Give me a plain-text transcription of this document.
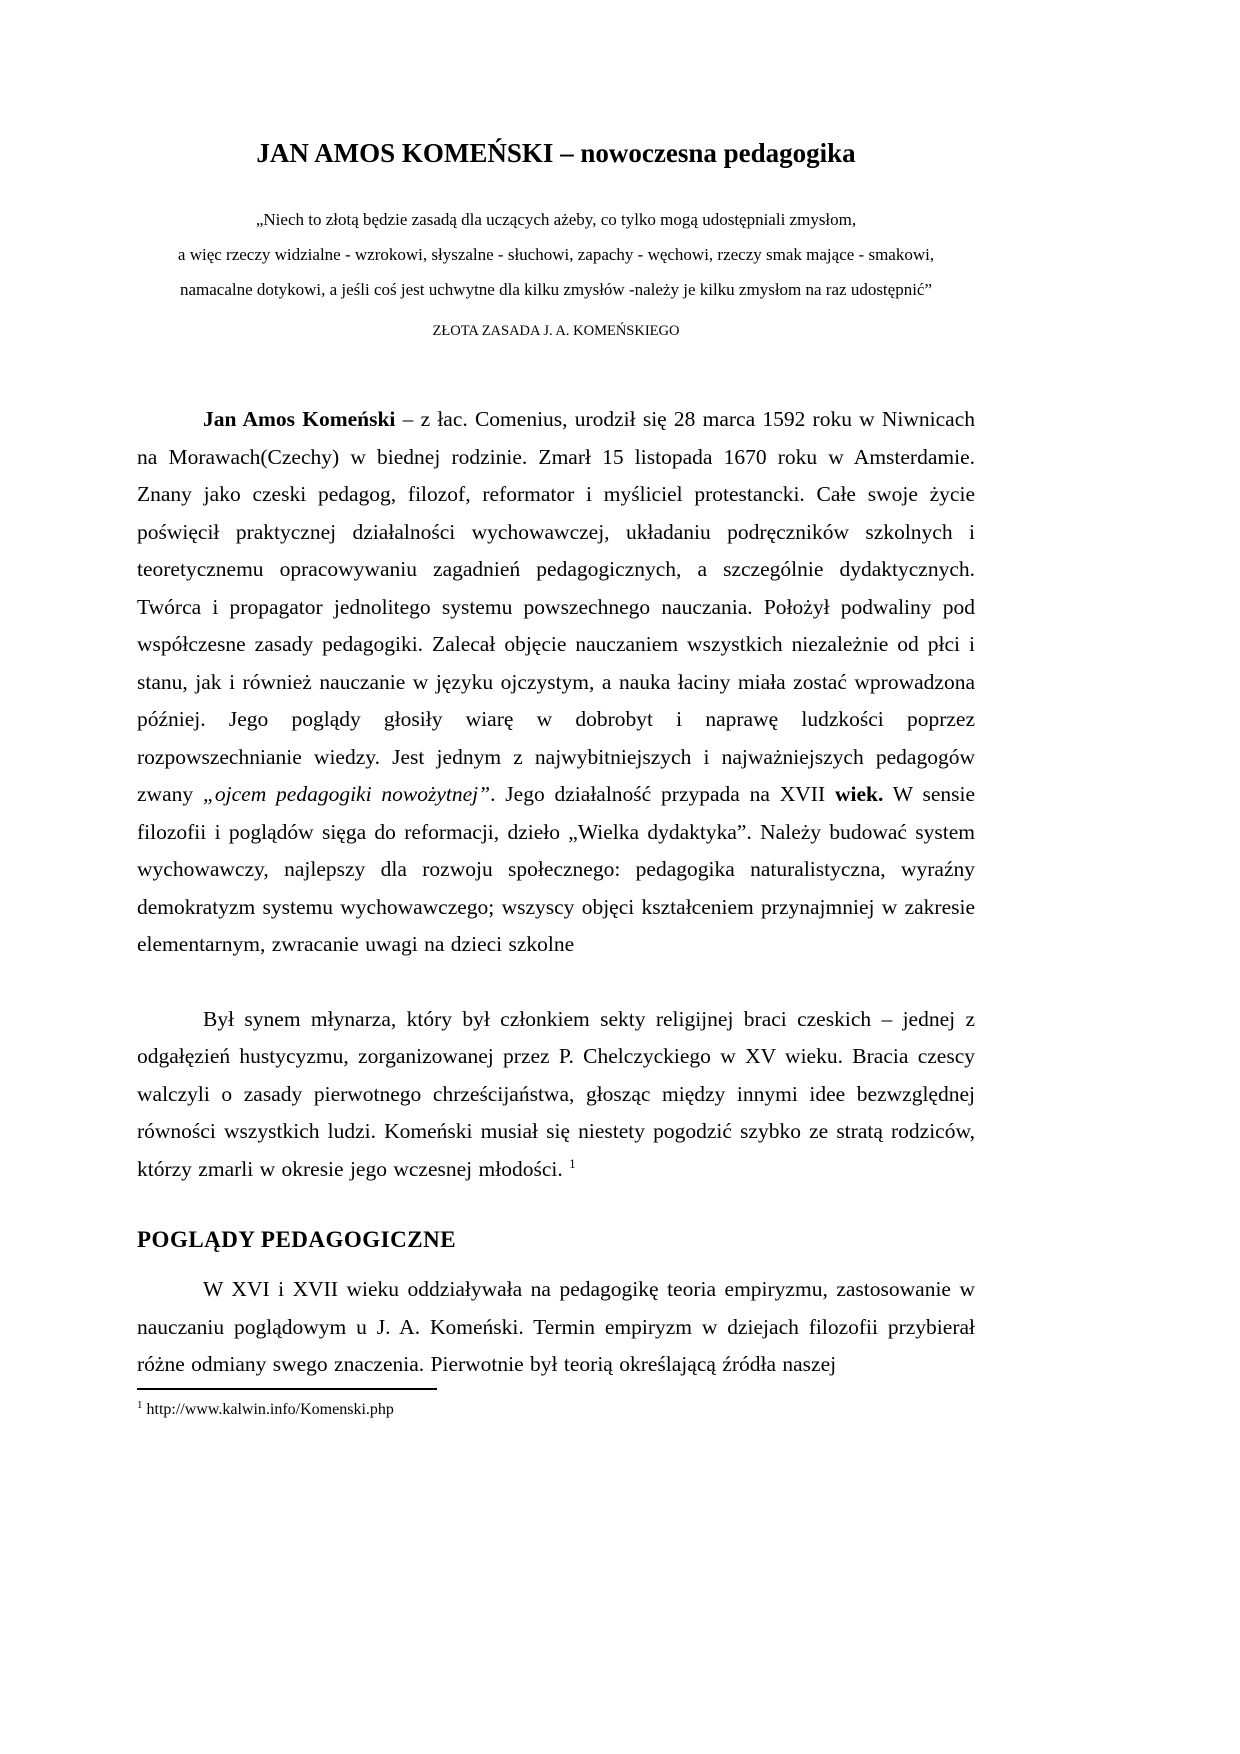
JAN AMOS KOMEŃSKI – nowoczesna pedagogika
„Niech to złotą będzie zasadą dla uczących ażeby, co tylko mogą udostępniali zmysłom,
a więc rzeczy widzialne - wzrokowi, słyszalne - słuchowi, zapachy - węchowi, rzeczy smak mające - smakowi,
namacalne dotykowi, a jeśli coś jest uchwytne dla kilku zmysłów -należy je kilku zmysłom na raz udostępnić”
ZŁOTA ZASADA J. A. KOMEŃSKIEGO

Jan Amos Komeński – z łac. Comenius, urodził się 28 marca 1592 roku w Niwnicach na Morawach(Czechy) w biednej rodzinie. Zmarł 15 listopada 1670 roku w Amsterdamie. Znany jako czeski pedagog, filozof, reformator i myśliciel protestancki. Całe swoje życie poświęcił praktycznej działalności wychowawczej, układaniu podręczników szkolnych i teoretycznemu opracowywaniu zagadnień pedagogicznych, a szczególnie dydaktycznych. Twórca i propagator jednolitego systemu powszechnego nauczania. Położył podwaliny pod współczesne zasady pedagogiki. Zalecał objęcie nauczaniem wszystkich niezależnie od płci i stanu, jak i również nauczanie w języku ojczystym, a nauka łaciny miała zostać wprowadzona później. Jego poglądy głosiły wiarę w dobrobyt i naprawę ludzkości poprzez rozpowszechnianie wiedzy. Jest jednym z najwybitniejszych i najważniejszych pedagogów zwany „ojcem pedagogiki nowożytnej”. Jego działalność przypada na XVII wiek. W sensie filozofii i poglądów sięga do reformacji, dzieło „Wielka dydaktyka”. Należy budować system wychowawczy, najlepszy dla rozwoju społecznego: pedagogika naturalistyczna, wyraźny demokratyzm systemu wychowawczego; wszyscy objęci kształceniem przynajmniej w zakresie elementarnym, zwracanie uwagi na dzieci szkolne

Był synem młynarza, który był członkiem sekty religijnej braci czeskich – jednej z odgałęzień hustycyzmu, zorganizowanej przez P. Chelczyckiego w XV wieku. Bracia czescy walczyli o zasady pierwotnego chrześcijaństwa, głosząc między innymi idee bezwzględnej równości wszystkich ludzi. Komeński musiał się niestety pogodzić szybko ze stratą rodziców, którzy zmarli w okresie jego wczesnej młodości. $^1$

POGLĄDY PEDAGOGICZNE

W XVI i XVII wieku oddziaływała na pedagogikę teoria empiryzmu, zastosowanie w nauczaniu poglądowym u J. A. Komeński. Termin empiryzm w dziejach filozofii przybierał różne odmiany swego znaczenia. Pierwotnie był teorią określającą źródła naszej

$^1$ http://www.kalwin.info/Komenski.php
